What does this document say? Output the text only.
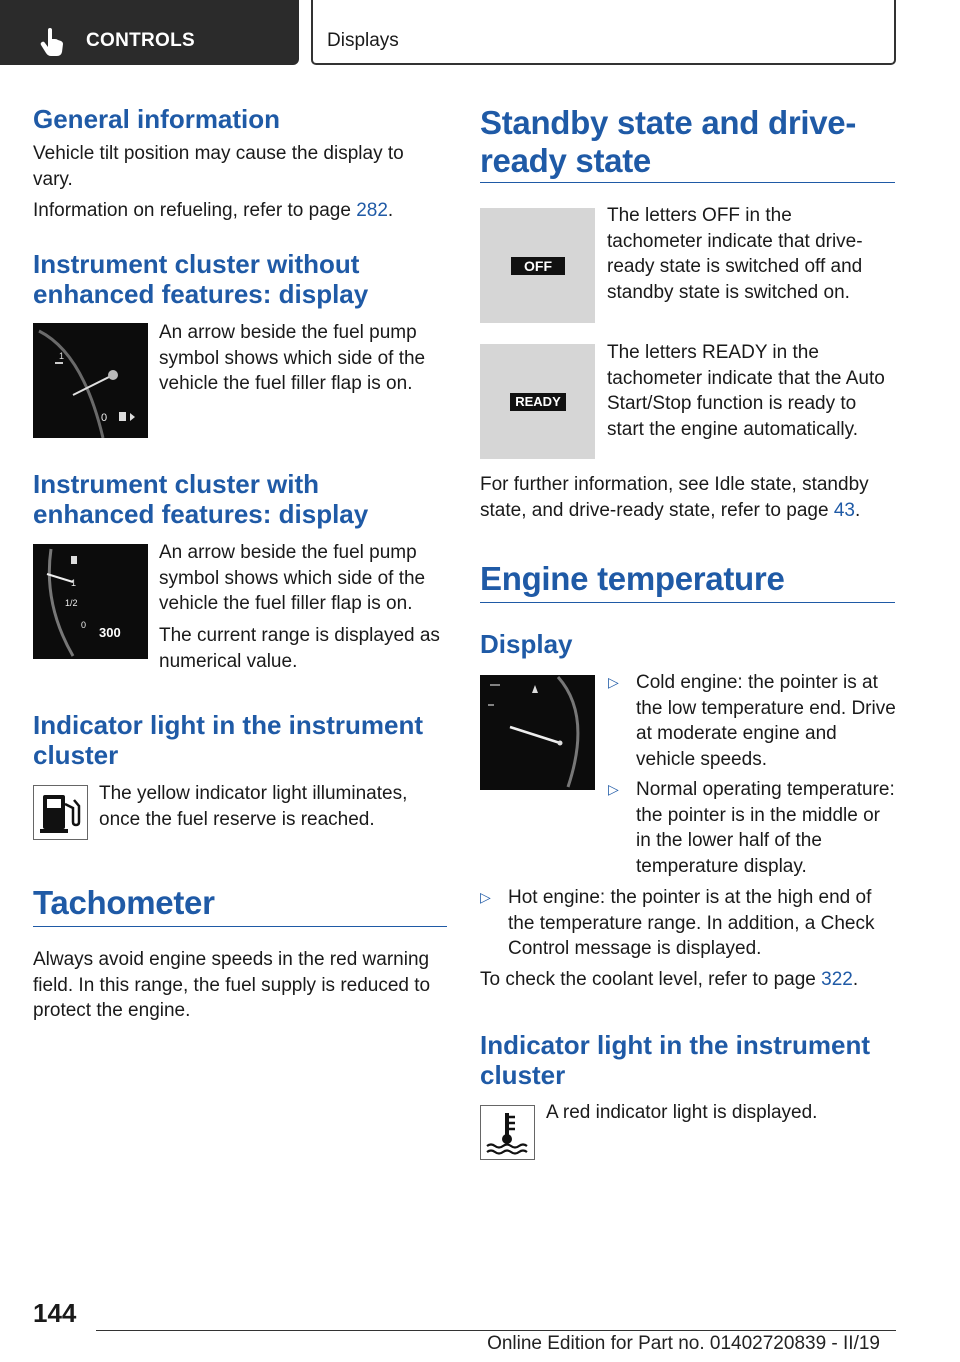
CONTROLS	Displays
General information
Vehicle tilt position may cause the display to vary.
Information on refueling, refer to page 282.
Instrument cluster without enhanced features: display
1
0
An arrow beside the fuel pump symbol shows which side of the vehicle the fuel filler flap is on.
Instrument cluster with enhanced features: display
1
1/2
0 300
An arrow beside the fuel pump symbol shows which side of the vehicle the fuel filler flap is on.
The current range is displayed as numerical value.
Indicator light in the instrument cluster
The yellow indicator light illuminates, once the fuel reserve is reached.
Tachometer
Always avoid engine speeds in the red warning field. In this range, the fuel supply is reduced to protect the engine.
Standby state and drive-ready state
OFF
The letters OFF in the tachometer indicate that drive-ready state is switched off and standby state is switched on.
READY
The letters READY in the tachometer indicate that the Auto Start/Stop function is ready to start the engine automatically.
For further information, see Idle state, standby state, and drive-ready state, refer to page 43.
Engine temperature
Display
▷ Cold engine: the pointer is at the low temperature end. Drive at moderate engine and vehicle speeds.
▷ Normal operating temperature: the pointer is in the middle or in the lower half of the temperature display.
▷ Hot engine: the pointer is at the high end of the temperature range. In addition, a Check Control message is displayed.
To check the coolant level, refer to page 322.
Indicator light in the instrument cluster
A red indicator light is displayed.
144
Online Edition for Part no. 01402720839 - II/19
